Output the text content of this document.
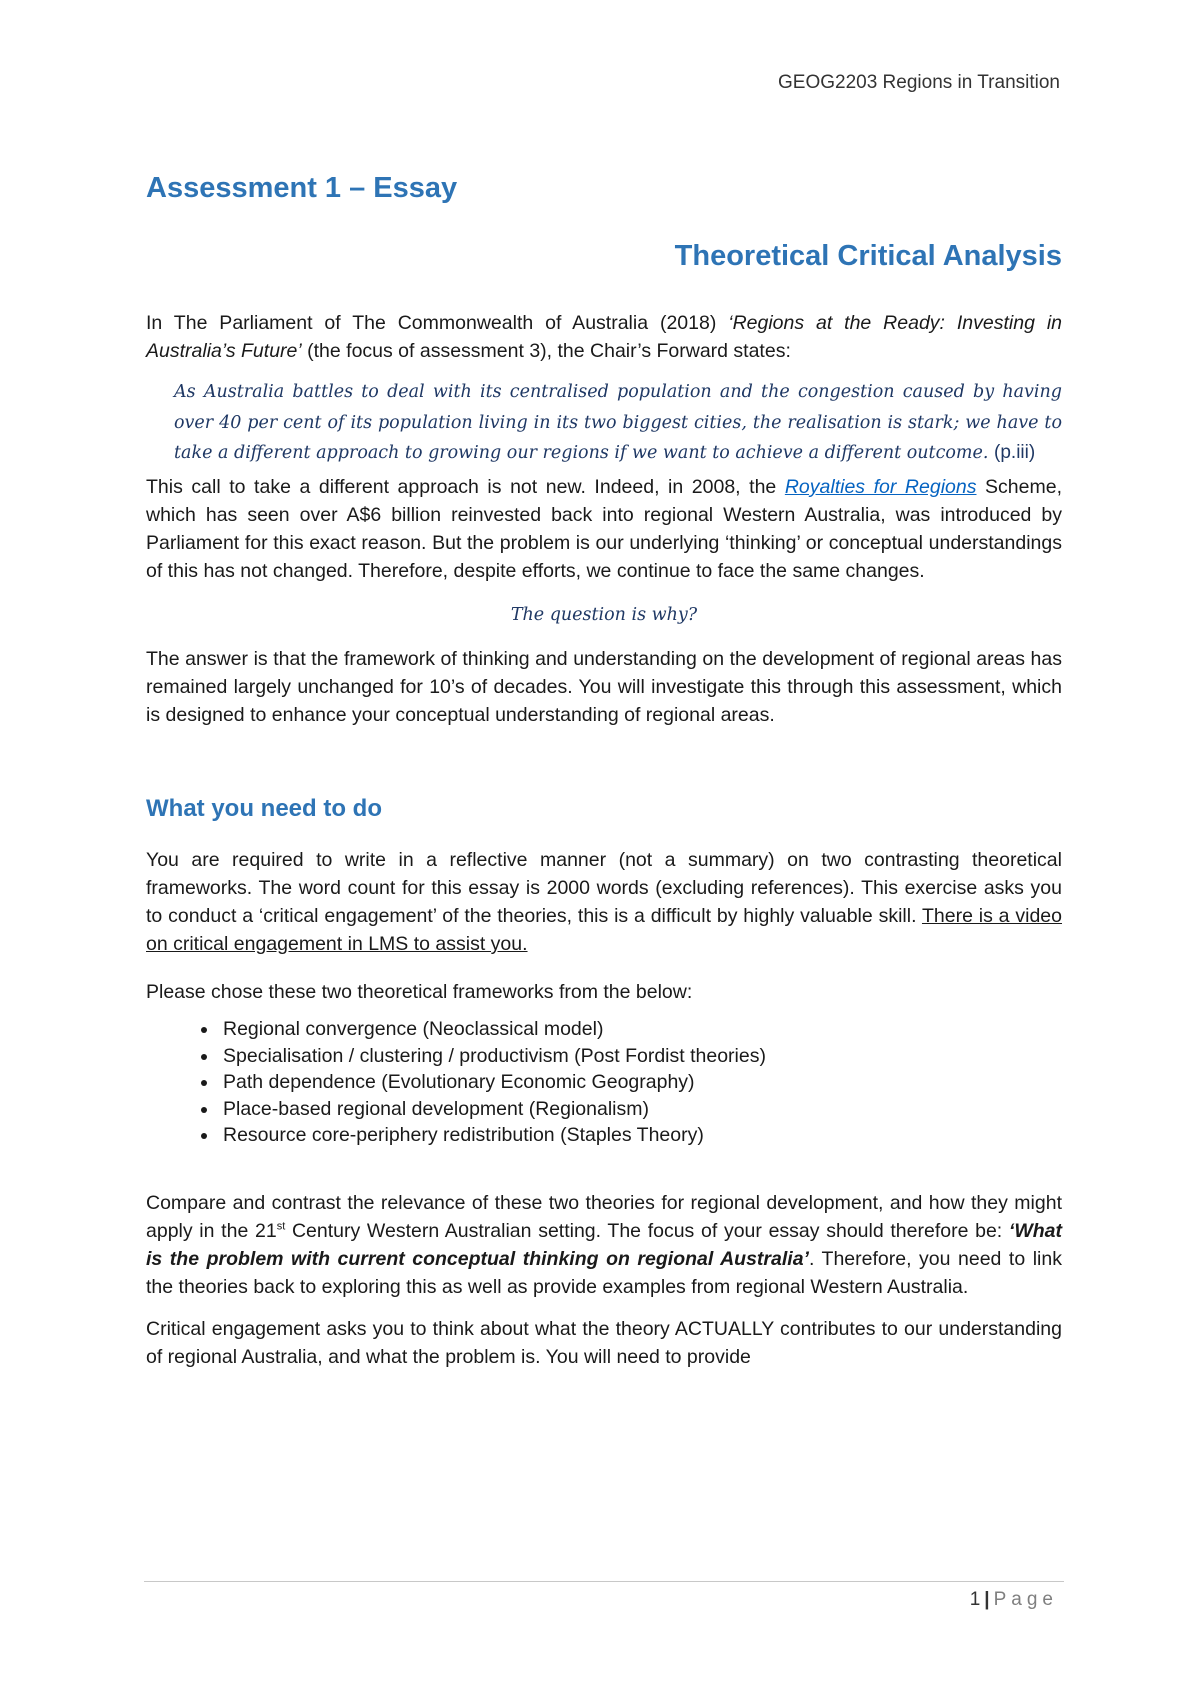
GEOG2203 Regions in Transition
Assessment 1 – Essay
Theoretical Critical Analysis

In The Parliament of The Commonwealth of Australia (2018) ‘Regions at the Ready: Investing in Australia’s Future’ (the focus of assessment 3), the Chair’s Forward states:

As Australia battles to deal with its centralised population and the congestion caused by having over 40 per cent of its population living in its two biggest cities, the realisation is stark; we have to take a different approach to growing our regions if we want to achieve a different outcome. (p.iii)

This call to take a different approach is not new. Indeed, in 2008, the Royalties for Regions Scheme, which has seen over A$6 billion reinvested back into regional Western Australia, was introduced by Parliament for this exact reason. But the problem is our underlying ‘thinking’ or conceptual understandings of this has not changed. Therefore, despite efforts, we continue to face the same changes.

The question is why?

The answer is that the framework of thinking and understanding on the development of regional areas has remained largely unchanged for 10’s of decades. You will investigate this through this assessment, which is designed to enhance your conceptual understanding of regional areas.

What you need to do

You are required to write in a reflective manner (not a summary) on two contrasting theoretical frameworks. The word count for this essay is 2000 words (excluding references). This exercise asks you to conduct a ‘critical engagement’ of the theories, this is a difficult by highly valuable skill. There is a video on critical engagement in LMS to assist you.

Please chose these two theoretical frameworks from the below:

• Regional convergence (Neoclassical model)
• Specialisation / clustering / productivism (Post Fordist theories)
• Path dependence (Evolutionary Economic Geography)
• Place-based regional development (Regionalism)
• Resource core-periphery redistribution (Staples Theory)

Compare and contrast the relevance of these two theories for regional development, and how they might apply in the 21st Century Western Australian setting. The focus of your essay should therefore be: ‘What is the problem with current conceptual thinking on regional Australia’. Therefore, you need to link the theories back to exploring this as well as provide examples from regional Western Australia.

Critical engagement asks you to think about what the theory ACTUALLY contributes to our understanding of regional Australia, and what the problem is. You will need to provide

1 | Page
